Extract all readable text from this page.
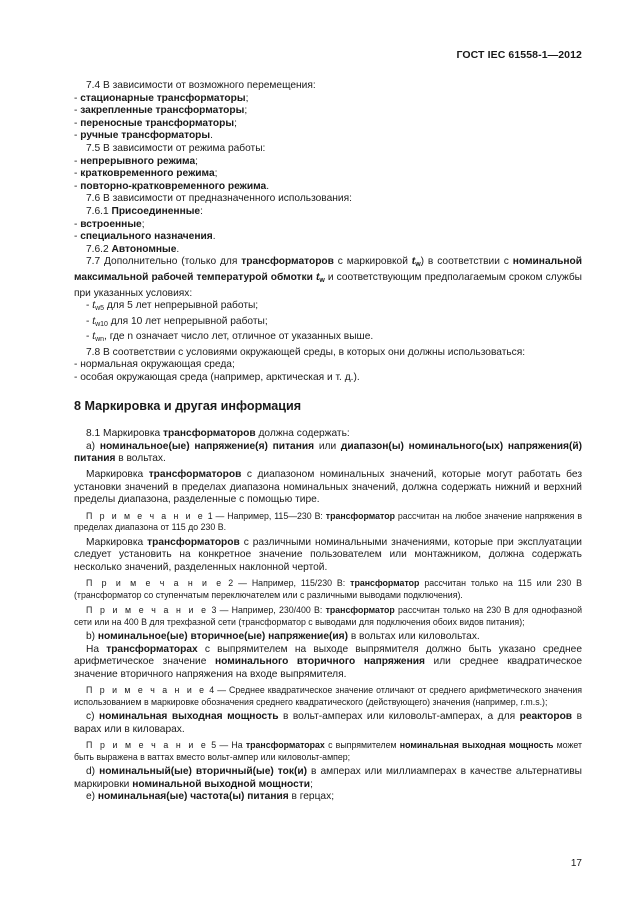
ГОСТ IEC 61558-1—2012

7.4 В зависимости от возможного перемещения:

- стационарные трансформаторы;

- закрепленные трансформаторы;

- переносные трансформаторы;

- ручные трансформаторы.

7.5 В зависимости от режима работы:

- непрерывного режима;

- кратковременного режима;

- повторно-кратковременного режима.

7.6 В зависимости от предназначенного использования:

7.6.1 Присоединенные:

- встроенные;

- специального назначения.

7.6.2 Автономные.

7.7 Дополнительно (только для трансформаторов с маркировкой $t_w$) в соответствии с номинальной максимальной рабочей температурой обмотки $t_w$ и соответствующим предполагаемым сроком службы при указанных условиях:

- $t_{w5}$ для 5 лет непрерывной работы;

- $t_{w10}$ для 10 лет непрерывной работы;

- $t_{wn}$, где n означает число лет, отличное от указанных выше.

7.8 В соответствии с условиями окружающей среды, в которых они должны использоваться:

- нормальная окружающая среда;

- особая окружающая среда (например, арктическая и т. д.).

8 Маркировка и другая информация

8.1 Маркировка трансформаторов должна содержать:

а) номинальное(ые) напряжение(я) питания или диапазон(ы) номинального(ых) напряжения(й) питания в вольтах.

Маркировка трансформаторов с диапазоном номинальных значений, которые могут работать без установки значений в пределах диапазона номинальных значений, должна содержать нижний и верхний пределы диапазона, разделенные с помощью тире.

П р и м е ч а н и е 1 — Например, 115—230 В: трансформатор рассчитан на любое значение напряжения в пределах диапазона от 115 до 230 В.

Маркировка трансформаторов с различными номинальными значениями, которые при эксплуатации следует установить на конкретное значение пользователем или монтажником, должна содержать несколько значений, разделенных наклонной чертой.

П р и м е ч а н и е 2 — Например, 115/230 В: трансформатор рассчитан только на 115 или 230 В (трансформатор со ступенчатым переключателем или с различными выводами подключения).

П р и м е ч а н и е 3 — Например, 230/400 В: трансформатор рассчитан только на 230 В для однофазной сети или на 400 В для трехфазной сети (трансформатор с выводами для подключения обоих видов питания);

b) номинальное(ые) вторичное(ые) напряжение(ия) в вольтах или киловольтах.

На трансформаторах с выпрямителем на выходе выпрямителя должно быть указано среднее арифметическое значение номинального вторичного напряжения или среднее квадратическое значение вторичного напряжения на входе выпрямителя.

П р и м е ч а н и е 4 — Среднее квадратическое значение отличают от среднего арифметического значения использованием в маркировке обозначения среднего квадратического (действующего) значения (например, r.m.s.);

с) номинальная выходная мощность в вольт-амперах или киловольт-амперах, а для реакторов в варах или в киловарах.

П р и м е ч а н и е 5 — На трансформаторах с выпрямителем номинальная выходная мощность может быть выражена в ваттах вместо вольт-ампер или киловольт-ампер;

d) номинальный(ые) вторичный(ые) ток(и) в амперах или миллиамперах в качестве альтернативы маркировки номинальной выходной мощности;

е) номинальная(ые) частота(ы) питания в герцах;

17
